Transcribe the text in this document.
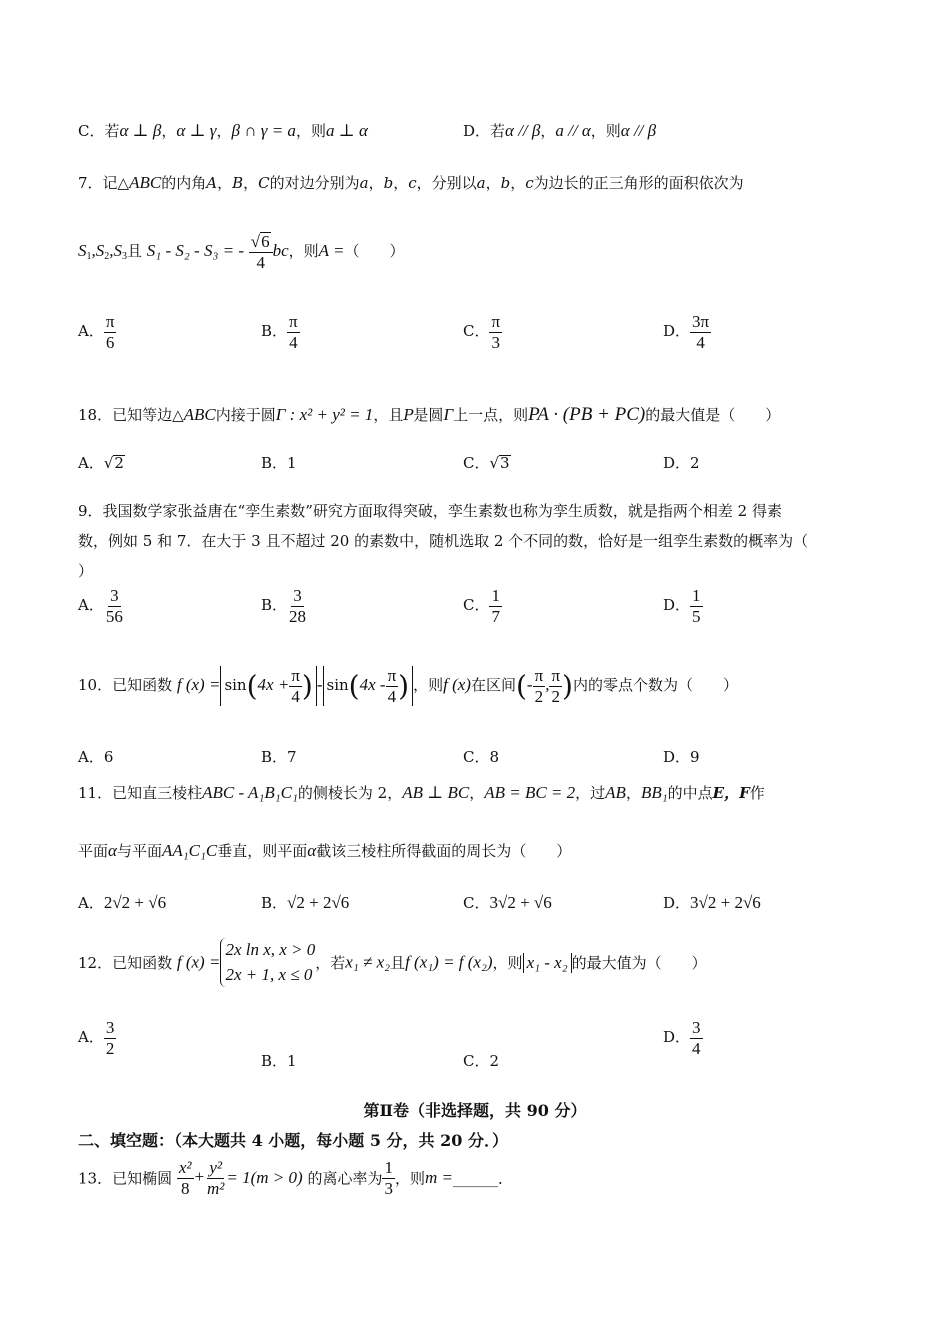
C．若α ⊥ β，α ⊥ γ，β ∩ γ = a，则a ⊥ α	D．若α // β，a // α，则α // β
7．记△ABC的内角A，B，C的对边分别为a，b，c，分别以a，b，c为边长的正三角形的面积依次为
$S_1,S_2,S_3$且 S₁ - S₂ - S₃ = - $\frac{√6}{4}$ bc，则A =（　　）
A． $\frac{\pi}{6}$	B． $\frac{\pi}{4}$	C． $\frac{\pi}{3}$	D． $\frac{3\pi}{4}$
18．已知等边△ABC内接于圆Γ : x² + y² = 1，且P是圆Γ上一点，则PA · (PB + PC)的最大值是（　　）
A．√2	B．1	C．√3	D．2
9．我国数学家张益唐在“孪生素数”研究方面取得突破，孪生素数也称为孪生质数，就是指两个相差 2 得素
数，例如 5 和 7．在大于 3 且不超过 20 的素数中，随机选取 2 个不同的数，恰好是一组孪生素数的概率为（
）
A． $\frac{3}{56}$	B． $\frac{3}{28}$	C． $\frac{1}{7}$	D． $\frac{1}{5}$
10．已知函数 f $(x) = \sin(4x + \frac{\pi}{4}$ ) - $\sin(4x - \frac{\pi}{4}$ ) ，则f (x)在区间(- $\frac{\pi}{2}$ , $\frac{\pi}{2}$ )内的零点个数为（　　）
A．6	B．7	C．8	D．9
11．已知直三棱柱ABC - A₁B₁C₁的侧棱长为 2，AB ⊥ BC，AB = BC = 2，过AB，BB₁的中点E，F作
平面α与平面AA₁C₁C垂直，则平面α截该三棱柱所得截面的周长为（　　）
A．2√2 + √6	B．√2 + 2√6	C．3√2 + √6	D．3√2 + 2√6
12．已知函数 f (x) =
2x ln x, x > 0
2x + 1, x ≤ 0
，若x₁ ≠ x₂且f (x₁) = f (x₂)，则 x₁ - x₂ 的最大值为（　　）
A． $\frac{3}{2}$
B．1	C．2
D． $\frac{3}{4}$
第Ⅱ卷（非选择题，共 90 分）
二、填空题：（本大题共 4 小题，每小题 5 分，共 20 分．）
13．已知椭圆 $\frac{\text{x²}}{8} + \frac{\text{y²}}{\text{m²}} = 1(m > 0)$ 的离心率为 $\frac{1}{3}$ ，则m =______．
